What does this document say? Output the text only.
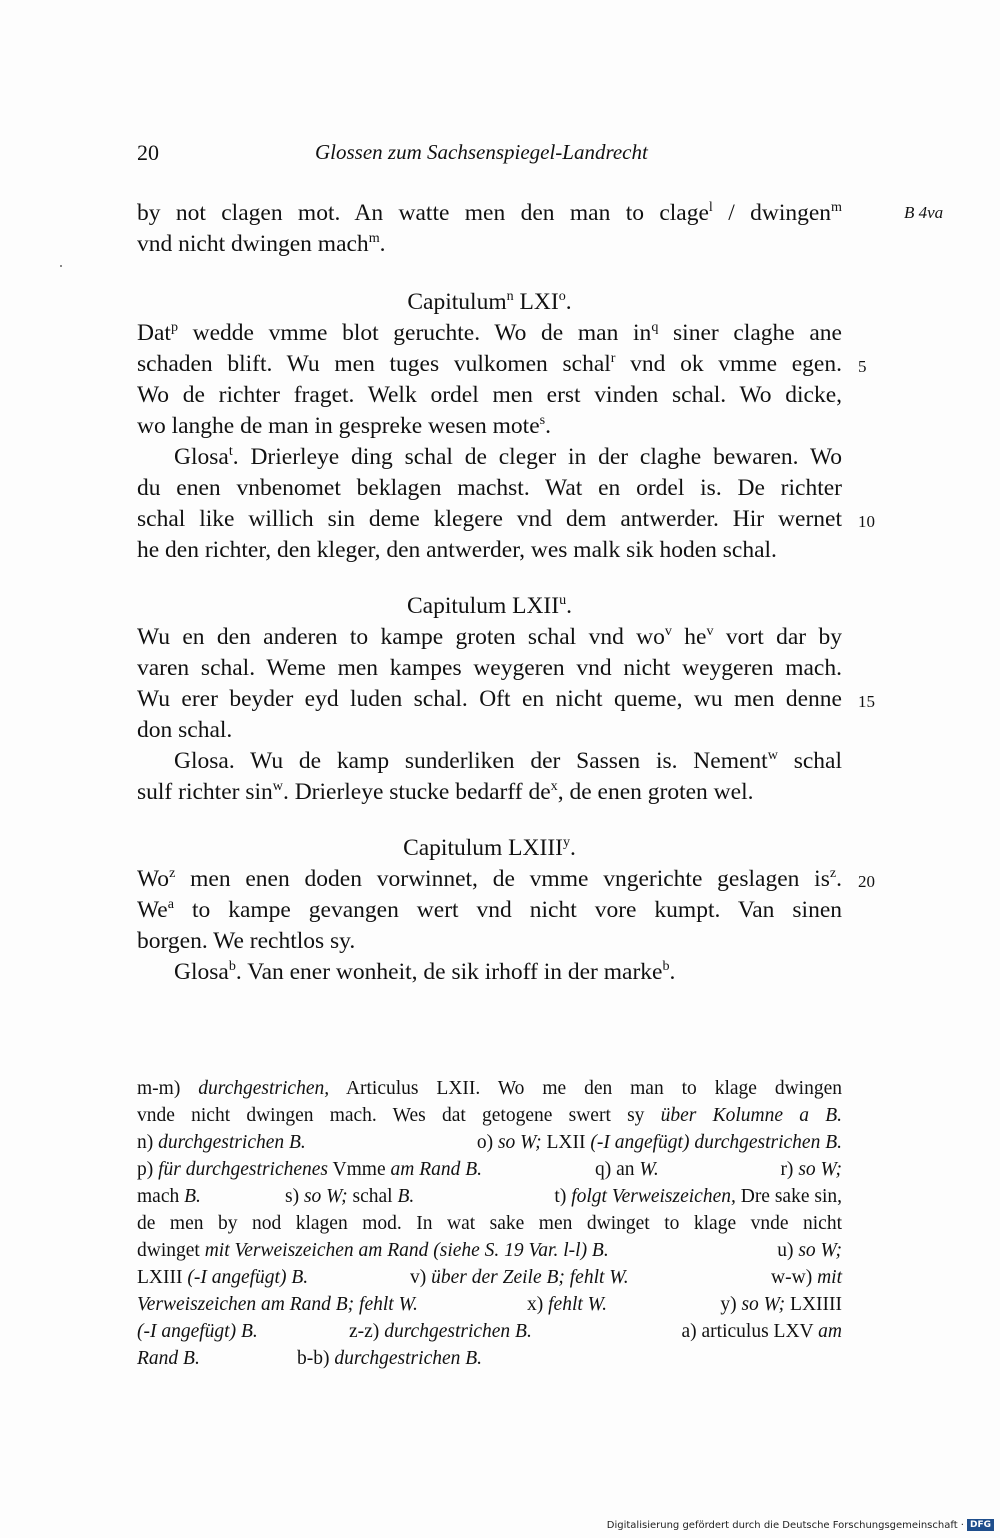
20	Glossen zum Sachsenspiegel-Landrecht
B 4va
by not clagen mot. An watte men den man to clage$^l$ / dwingen$^m$
vnd nicht dwingen mach$^m$.
Capitulum$^n$ LXI$^o$.
Dat$^p$ wedde vmme blot geruchte. Wo de man $in^q$ siner claghe ane
schaden blift. Wu men tuges vulkomen schal$^r$ vnd ok vmme egen.
Wo de richter fraget. Welk ordel men erst vinden schal. Wo dicke,
wo langhe de man in gespreke wesen mote$^s$.
Glosa$^t$. Drierleye ding schal de cleger in der claghe bewaren. Wo
du enen vnbenomet beklagen machst. Wat en ordel is. De richter
schal like willich sin deme klegere vnd dem antwerder. Hir wernet
he den richter, den kleger, den antwerder, wes malk sik hoden schal.
Capitulum LXII$^u$.
Wu en den anderen to kampe groten schal vnd $wo^v$ $he^v$ vort dar by
varen schal. Weme men kampes weygeren vnd nicht weygeren mach.
Wu erer beyder eyd luden schal. Oft en nicht queme, wu men denne
don schal.
Glosa. Wu de kamp sunderliken der Sassen is. Nement$^w$ schal
sulf richter $\sin^w$. Drierleye stucke bedarff $de^x$, de enen groten wel.
Capitulum LXIII$^y$.
Wo$^z$ men enen doden vorwinnet, de vmme vngerichte geslagen $is^z$.
We$^a$ to kampe gevangen wert vnd nicht vore kumpt. Van sinen
borgen. We rechtlos sy.
Glosa$^b$. Van ener wonheit, de sik irhoff in der marke$^b$.
5
10
15
20
m-m) durchgestrichen, Articulus LXII. Wo me den man to klage dwingen
vnde nicht dwingen mach. Wes dat getogene swert sy über Kolumne a B.
n) durchgestrichen B.	o) so W; LXII (-I angefügt) durchgestrichen B.
p) für durchgestrichenes Vmme am Rand B.	q) an W.	r) so W;
mach B.	s) so W; schal B.	t) folgt Verweiszeichen, Dre sake sin,
de men by nod klagen mod. In wat sake men dwinget to klage vnde nicht
dwinget mit Verweiszeichen am Rand (siehe S. 19 Var. l-l) B.	u) so W;
LXIII (-I angefügt) B.	v) über der Zeile B; fehlt W.	w-w) mit
Verweiszeichen am Rand B; fehlt W.	x) fehlt W.	y) so W; LXIIII
(-I angefügt) B.	z-z) durchgestrichen B.	a) articulus LXV am
Rand B.	b-b) durchgestrichen B.
Digitalisierung gefördert durch die Deutsche Forschungsgemeinschaft · DFG
